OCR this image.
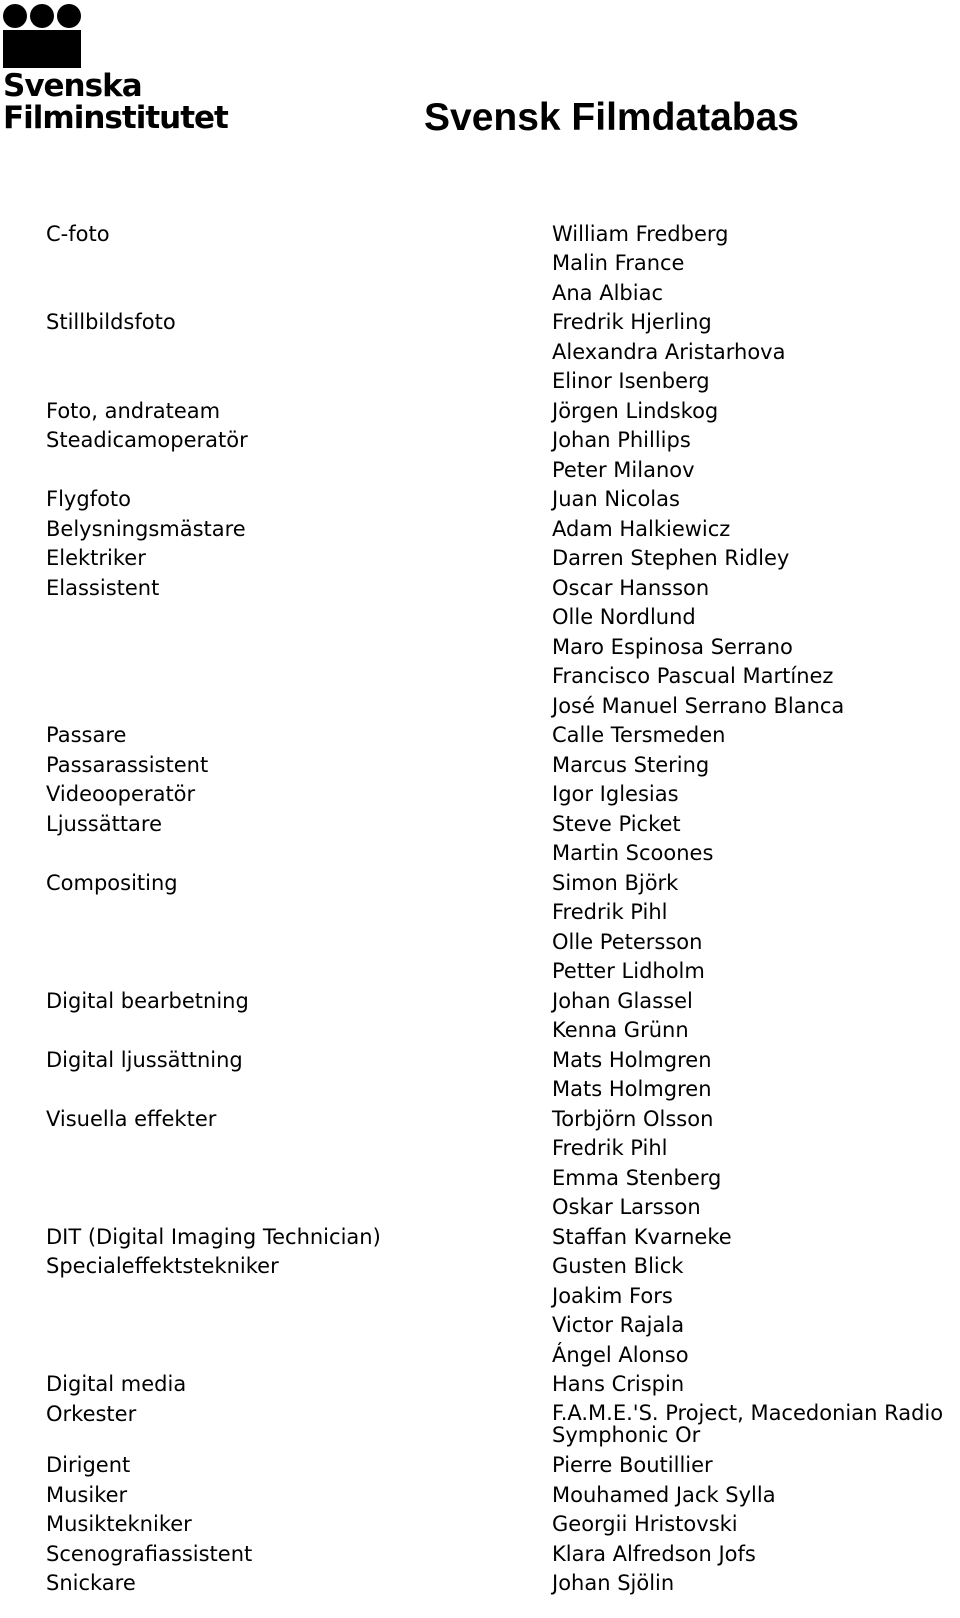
Svenska
Filminstitutet	Svensk Filmdatabas
C-foto	William Fredberg
Malin France
Ana Albiac
Stillbildsfoto	Fredrik Hjerling
Alexandra Aristarhova
Elinor Isenberg
Foto, andrateam	Jörgen Lindskog
Steadicamoperatör	Johan Phillips
Peter Milanov
Flygfoto	Juan Nicolas
Belysningsmästare	Adam Halkiewicz
Elektriker	Darren Stephen Ridley
Elassistent	Oscar Hansson
Olle Nordlund
Maro Espinosa Serrano
Francisco Pascual Martínez
José Manuel Serrano Blanca
Passare	Calle Tersmeden
Passarassistent	Marcus Stering
Videooperatör	Igor Iglesias
Ljussättare	Steve Picket
Martin Scoones
Compositing	Simon Björk
Fredrik Pihl
Olle Petersson
Petter Lidholm
Digital bearbetning	Johan Glassel
Kenna Grünn
Digital ljussättning	Mats Holmgren
Mats Holmgren
Visuella effekter	Torbjörn Olsson
Fredrik Pihl
Emma Stenberg
Oskar Larsson
DIT (Digital Imaging Technician)	Staffan Kvarneke
Specialeffektstekniker	Gusten Blick
Joakim Fors
Victor Rajala
Ángel Alonso
Digital media	Hans Crispin
Orkester	F.A.M.E.'S. Project, Macedonian Radio Symphonic Or
Dirigent	Pierre Boutillier
Musiker	Mouhamed Jack Sylla
Musiktekniker	Georgii Hristovski
Scenografiassistent	Klara Alfredson Jofs
Snickare	Johan Sjölin
